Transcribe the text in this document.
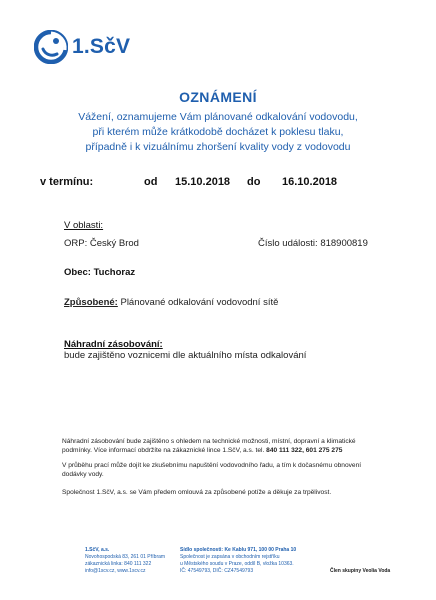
1.SčV
OZNÁMENÍ
Vážení, oznamujeme Vám plánované odkalování vodovodu,
při kterém může krátkodobě docházet k poklesu tlaku,
případně i k vizuálnímu zhoršení kvality vody z vodovodu
v termínu:	od 15.10.2018 do 16.10.2018
V oblasti:
ORP: Český Brod	Číslo události: 818900819
Obec: Tuchoraz
Způsobené: Plánované odkalování vodovodní sítě
Náhradní zásobování:
bude zajištěno voznicemi dle aktuálního místa odkalování
Náhradní zásobování bude zajištěno s ohledem na technické možnosti, místní, dopravní a klimatické
podmínky. Více informací obdržíte na zákaznické lince 1.SčV, a.s. tel. 840 111 322, 601 275 275
V průběhu prací může dojít ke zkušebnímu napuštění vodovodního řadu, a tím k dočasnému obnovení
dodávky vody.
Společnost 1.SčV, a.s. se Vám předem omlouvá za způsobené potíže a děkuje za trpělivost.
1.SčV, a.s.
Novohospodská 83, 261 01 Příbram
zákaznická linka: 840 111 322
info@1scv.cz, www.1scv.cz
Sídlo společnosti: Ke Kablu 971, 100 00 Praha 10
Společnost je zapsána v obchodním rejstříku
u Městského soudu v Praze, oddíl B, vložka 10363.
IČ: 47549793, DIČ: CZ47549793	Člen skupiny Veolia Voda
